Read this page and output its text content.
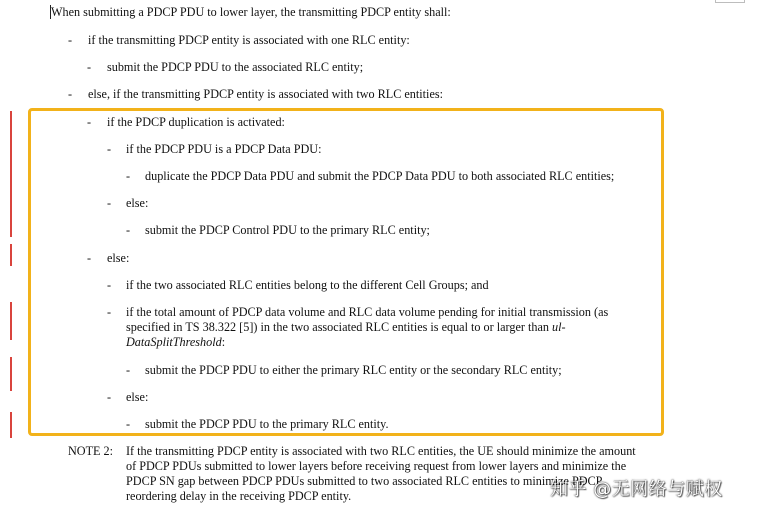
When submitting a PDCP PDU to lower layer, the transmitting PDCP entity shall:
- if the transmitting PDCP entity is associated with one RLC entity:
- submit the PDCP PDU to the associated RLC entity;
- else, if the transmitting PDCP entity is associated with two RLC entities:
- if the PDCP duplication is activated:
- if the PDCP PDU is a PDCP Data PDU:
- duplicate the PDCP Data PDU and submit the PDCP Data PDU to both associated RLC entities;
- else:
- submit the PDCP Control PDU to the primary RLC entity;
- else:
- if the two associated RLC entities belong to the different Cell Groups; and
- if the total amount of PDCP data volume and RLC data volume pending for initial transmission (as
specified in TS 38.322 [5]) in the two associated RLC entities is equal to or larger than ul-
DataSplitThreshold:
- submit the PDCP PDU to either the primary RLC entity or the secondary RLC entity;
- else:
- submit the PDCP PDU to the primary RLC entity.
NOTE 2: If the transmitting PDCP entity is associated with two RLC entities, the UE should minimize the amount
of PDCP PDUs submitted to lower layers before receiving request from lower layers and minimize the
PDCP SN gap between PDCP PDUs submitted to two associated RLC entities to minimize PDCP
reordering delay in the receiving PDCP entity.	知乎 @无网络与赋权
